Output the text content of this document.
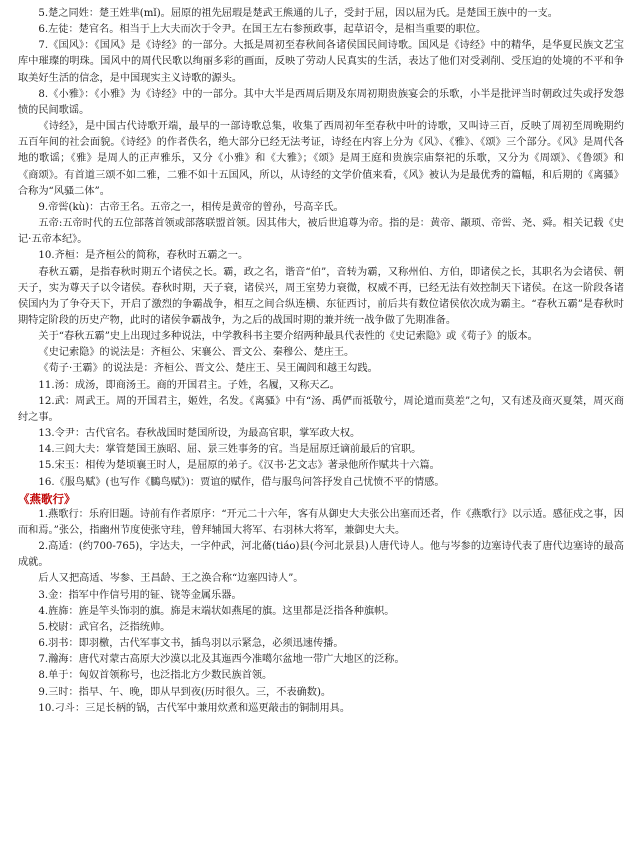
5.楚之同姓：楚王姓芈(mǐ)。屈原的祖先屈瑕是楚武王熊通的儿子，受封于屈，因以屈为氏。是楚国王族中的一支。

6.左徒：楚官名。相当于上大夫而次于令尹。在国王左右参预政事，起草诏令，是相当重要的职位。

7.《国风》：《国风》是《诗经》的一部分。大抵是周初至春秋间各诸侯国民间诗歌。国风是《诗经》中的精华，是华夏民族文艺宝库中璀璨的明珠。国风中的周代民歌以绚丽多彩的画面，反映了劳动人民真实的生活，表达了他们对受剥削、受压迫的处境的不平和争取美好生活的信念，是中国现实主义诗歌的源头。

8.《小雅》：《小雅》为《诗经》中的一部分。其中大半是西周后期及东周初期贵族宴会的乐歌，小半是批评当时朝政过失或抒发怨愤的民间歌谣。

《诗经》，是中国古代诗歌开端，最早的一部诗歌总集，收集了西周初年至春秋中叶的诗歌，又叫诗三百，反映了周初至周晚期约五百年间的社会面貌。《诗经》的作者佚名，绝大部分已经无法考证，诗经在内容上分为《风》、《雅》、《颂》三个部分。《风》是周代各地的歌谣；《雅》是周人的正声雅乐，又分《小雅》和《大雅》；《颂》是周王庭和贵族宗庙祭祀的乐歌，又分为《周颂》、《鲁颂》和《商颂》。有首道三颂不如二雅，二雅不如十五国风，所以，从诗经的文学价值来看，《风》被认为是最优秀的篇幅，和后期的《离骚》合称为“风骚二体”。

9.帝喾(kù)：古帝王名。五帝之一，相传是黄帝的曾孙，号高辛氏。

五帝:五帝时代的五位部落首领或部落联盟首领。因其伟大，被后世追尊为帝。指的是：黄帝、颛顼、帝喾、尧、舜。相关记载《史记·五帝本纪》。

10.齐桓：是齐桓公的简称，春秋时五霸之一。

春秋五霸，是指春秋时期五个诸侯之长。霸，政之名，谐音“伯”，音转为霸，又称州伯、方伯，即诸侯之长，其职名为会诸侯、朝天子，实为尊天子以令诸侯。春秋时期，天子衰，诸侯兴，周王室势力衰微，权威不再，已经无法有效控制天下诸侯。在这一阶段各诸侯国内为了争夺天下，开启了激烈的争霸战争，相互之间合纵连横、东征西讨，前后共有数位诸侯依次成为霸主。“春秋五霸”是春秋时期特定阶段的历史产物，此时的诸侯争霸战争，为之后的战国时期的兼并统一战争做了先期准备。

关于“春秋五霸”史上出现过多种说法，中学教科书主要介绍两种最具代表性的《史记索隐》或《荀子》的版本。

《史记索隐》的说法是：齐桓公、宋襄公、晋文公、秦穆公、楚庄王。

《荀子·王霸》的说法是：齐桓公、晋文公、楚庄王、吴王阖闾和越王勾践。

11.汤：成汤，即商汤王。商的开国君主。子姓，名履，又称天乙。

12.武：周武王。周的开国君主，姬姓，名发。《离骚》中有“汤、禹俨而祗敬兮，周论道而莫差”之句，又有述及商灭夏桀，周灭商纣之事。

13.令尹：古代官名。春秋战国时楚国所设，为最高官职，掌军政大权。

14.三闾大夫：掌管楚国王族昭、屈、景三姓事务的官。当是屈原迁谪前最后的官职。

15.宋玉：相传为楚顷襄王时人，是屈原的弟子。《汉书·艺文志》著录他所作赋共十六篇。

16.《服鸟赋》(也写作《鵩鸟赋》)：贾谊的赋作，借与服鸟问答抒发自己忧愤不平的情感。

《燕歌行》

1.燕歌行：乐府旧题。诗前有作者原序：“开元二十六年，客有从御史大夫张公出塞而还者，作《燕歌行》以示适。感征戍之事，因而和焉。”张公，指幽州节度使张守珪，曾拜辅国大将军、右羽林大将军，兼御史大夫。

2.高适：(约700-765)，字达夫，一字仲武，河北蓨(tiáo)县(今河北景县)人唐代诗人。他与岑参的边塞诗代表了唐代边塞诗的最高成就。

后人又把高适、岑参、王昌龄、王之涣合称“边塞四诗人”。

3.金：指军中作信号用的钲、铙等金属乐器。

4.旌旆：旌是竿头饰羽的旗。旆是末端状如燕尾的旗。这里都是泛指各种旗帜。

5.校尉：武官名，泛指统帅。

6.羽书：即羽檄，古代军事文书，插鸟羽以示紧急，必须迅速传播。

7.瀚海：唐代对蒙古高原大沙漠以北及其迤西今准噶尔盆地一带广大地区的泛称。

8.单于：匈奴首领称号，也泛指北方少数民族首领。

9.三时：指早、午、晚，即从早到夜(历时很久。三，不表确数)。

10.刁斗：三足长柄的锅，古代军中兼用炊煮和巡更敲击的铜制用具。
